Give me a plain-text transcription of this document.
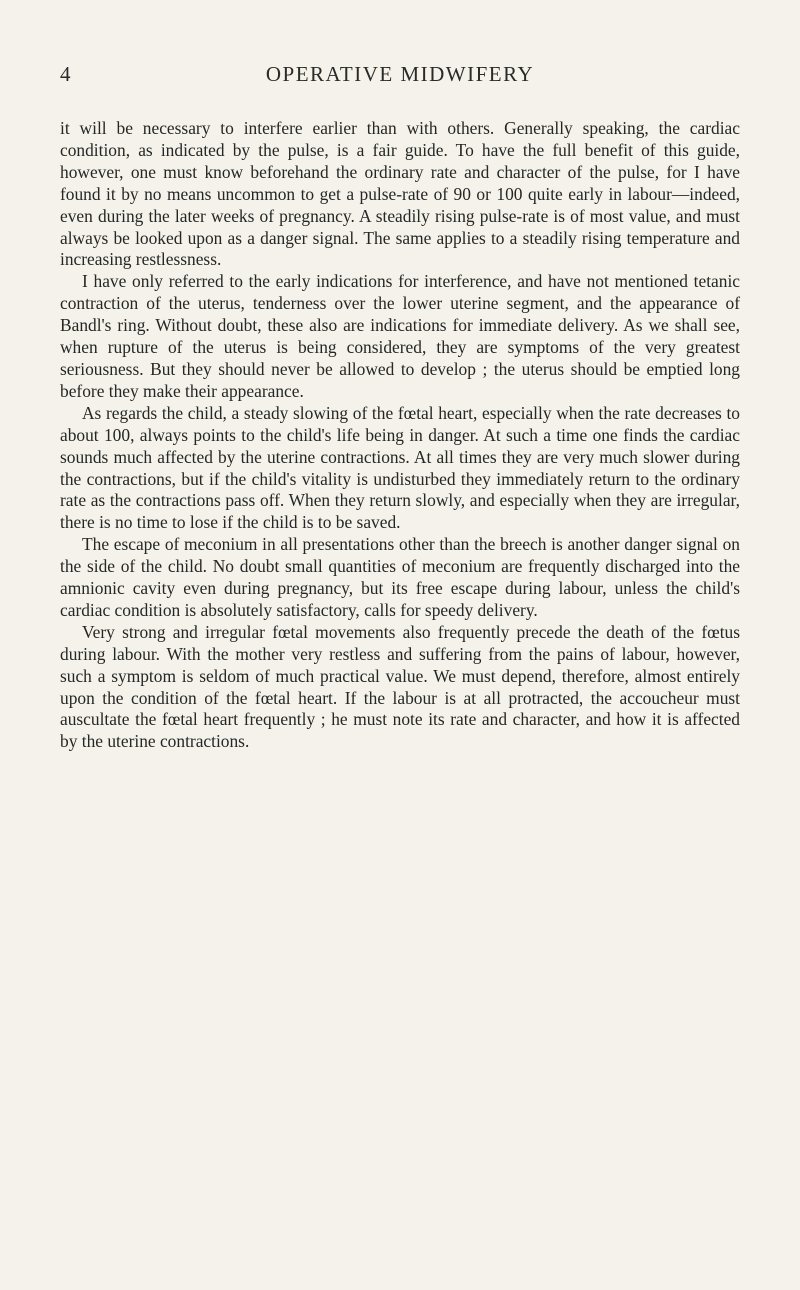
4	OPERATIVE MIDWIFERY

it will be necessary to interfere earlier than with others. Generally speaking, the cardiac condition, as indicated by the pulse, is a fair guide. To have the full benefit of this guide, however, one must know beforehand the ordinary rate and character of the pulse, for I have found it by no means uncommon to get a pulse-rate of 90 or 100 quite early in labour—indeed, even during the later weeks of pregnancy. A steadily rising pulse-rate is of most value, and must always be looked upon as a danger signal. The same applies to a steadily rising temperature and increasing restlessness.

I have only referred to the early indications for interference, and have not mentioned tetanic contraction of the uterus, tenderness over the lower uterine segment, and the appearance of Bandl's ring. Without doubt, these also are indications for immediate delivery. As we shall see, when rupture of the uterus is being considered, they are symptoms of the very greatest seriousness. But they should never be allowed to develop ; the uterus should be emptied long before they make their appearance.

As regards the child, a steady slowing of the fœtal heart, especially when the rate decreases to about 100, always points to the child's life being in danger. At such a time one finds the cardiac sounds much affected by the uterine contractions. At all times they are very much slower during the contractions, but if the child's vitality is undisturbed they immediately return to the ordinary rate as the contractions pass off. When they return slowly, and especially when they are irregular, there is no time to lose if the child is to be saved.

The escape of meconium in all presentations other than the breech is another danger signal on the side of the child. No doubt small quantities of meconium are frequently discharged into the amnionic cavity even during pregnancy, but its free escape during labour, unless the child's cardiac condition is absolutely satisfactory, calls for speedy delivery.

Very strong and irregular fœtal movements also frequently precede the death of the fœtus during labour. With the mother very restless and suffering from the pains of labour, however, such a symptom is seldom of much practical value. We must depend, therefore, almost entirely upon the condition of the fœtal heart. If the labour is at all protracted, the accoucheur must auscultate the fœtal heart frequently ; he must note its rate and character, and how it is affected by the uterine contractions.
